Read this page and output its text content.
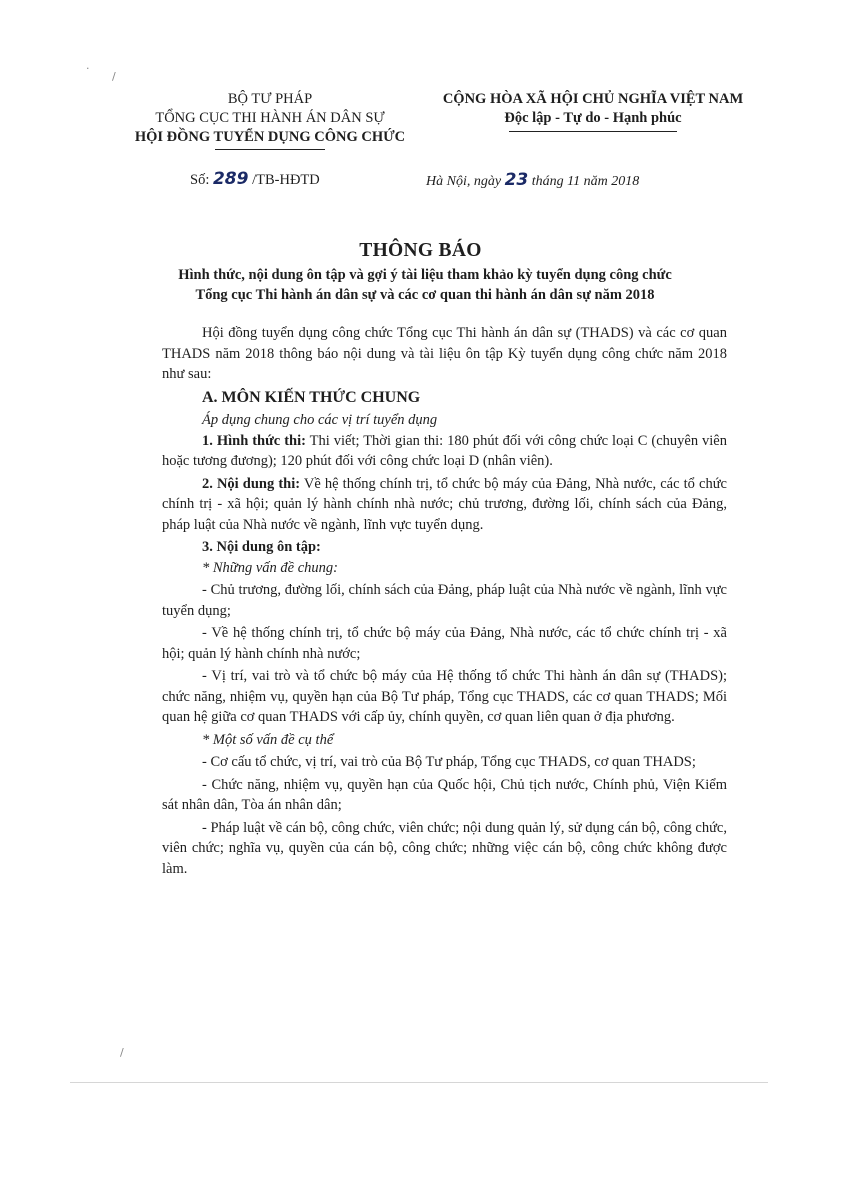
·
/
BỘ TƯ PHÁP
TỔNG CỤC THI HÀNH ÁN DÂN SỰ
HỘI ĐỒNG TUYỂN DỤNG CÔNG CHỨC
CỘNG HÒA XÃ HỘI CHỦ NGHĨA VIỆT NAM
Độc lập - Tự do - Hạnh phúc
Số: 289 /TB-HĐTD	Hà Nội, ngày 23 tháng 11 năm 2018
THÔNG BÁO
Hình thức, nội dung ôn tập và gợi ý tài liệu tham khảo kỳ tuyển dụng công chức
Tổng cục Thi hành án dân sự và các cơ quan thi hành án dân sự năm 2018

Hội đồng tuyển dụng công chức Tổng cục Thi hành án dân sự (THADS) và các cơ quan THADS năm 2018 thông báo nội dung và tài liệu ôn tập Kỳ tuyển dụng công chức năm 2018 như sau:

A. MÔN KIẾN THỨC CHUNG

Áp dụng chung cho các vị trí tuyển dụng

1. Hình thức thi: Thi viết; Thời gian thi: 180 phút đối với công chức loại C (chuyên viên hoặc tương đương); 120 phút đối với công chức loại D (nhân viên).

2. Nội dung thi: Về hệ thống chính trị, tổ chức bộ máy của Đảng, Nhà nước, các tổ chức chính trị - xã hội; quản lý hành chính nhà nước; chủ trương, đường lối, chính sách của Đảng, pháp luật của Nhà nước về ngành, lĩnh vực tuyển dụng.

3. Nội dung ôn tập:

* Những vấn đề chung:

- Chủ trương, đường lối, chính sách của Đảng, pháp luật của Nhà nước về ngành, lĩnh vực tuyển dụng;

- Về hệ thống chính trị, tổ chức bộ máy của Đảng, Nhà nước, các tổ chức chính trị - xã hội; quản lý hành chính nhà nước;

- Vị trí, vai trò và tổ chức bộ máy của Hệ thống tổ chức Thi hành án dân sự (THADS); chức năng, nhiệm vụ, quyền hạn của Bộ Tư pháp, Tổng cục THADS, các cơ quan THADS; Mối quan hệ giữa cơ quan THADS với cấp ủy, chính quyền, cơ quan liên quan ở địa phương.

* Một số vấn đề cụ thể

- Cơ cấu tổ chức, vị trí, vai trò của Bộ Tư pháp, Tổng cục THADS, cơ quan THADS;

- Chức năng, nhiệm vụ, quyền hạn của Quốc hội, Chủ tịch nước, Chính phủ, Viện Kiểm sát nhân dân, Tòa án nhân dân;

- Pháp luật về cán bộ, công chức, viên chức; nội dung quản lý, sử dụng cán bộ, công chức, viên chức; nghĩa vụ, quyền của cán bộ, công chức; những việc cán bộ, công chức không được làm.

/
